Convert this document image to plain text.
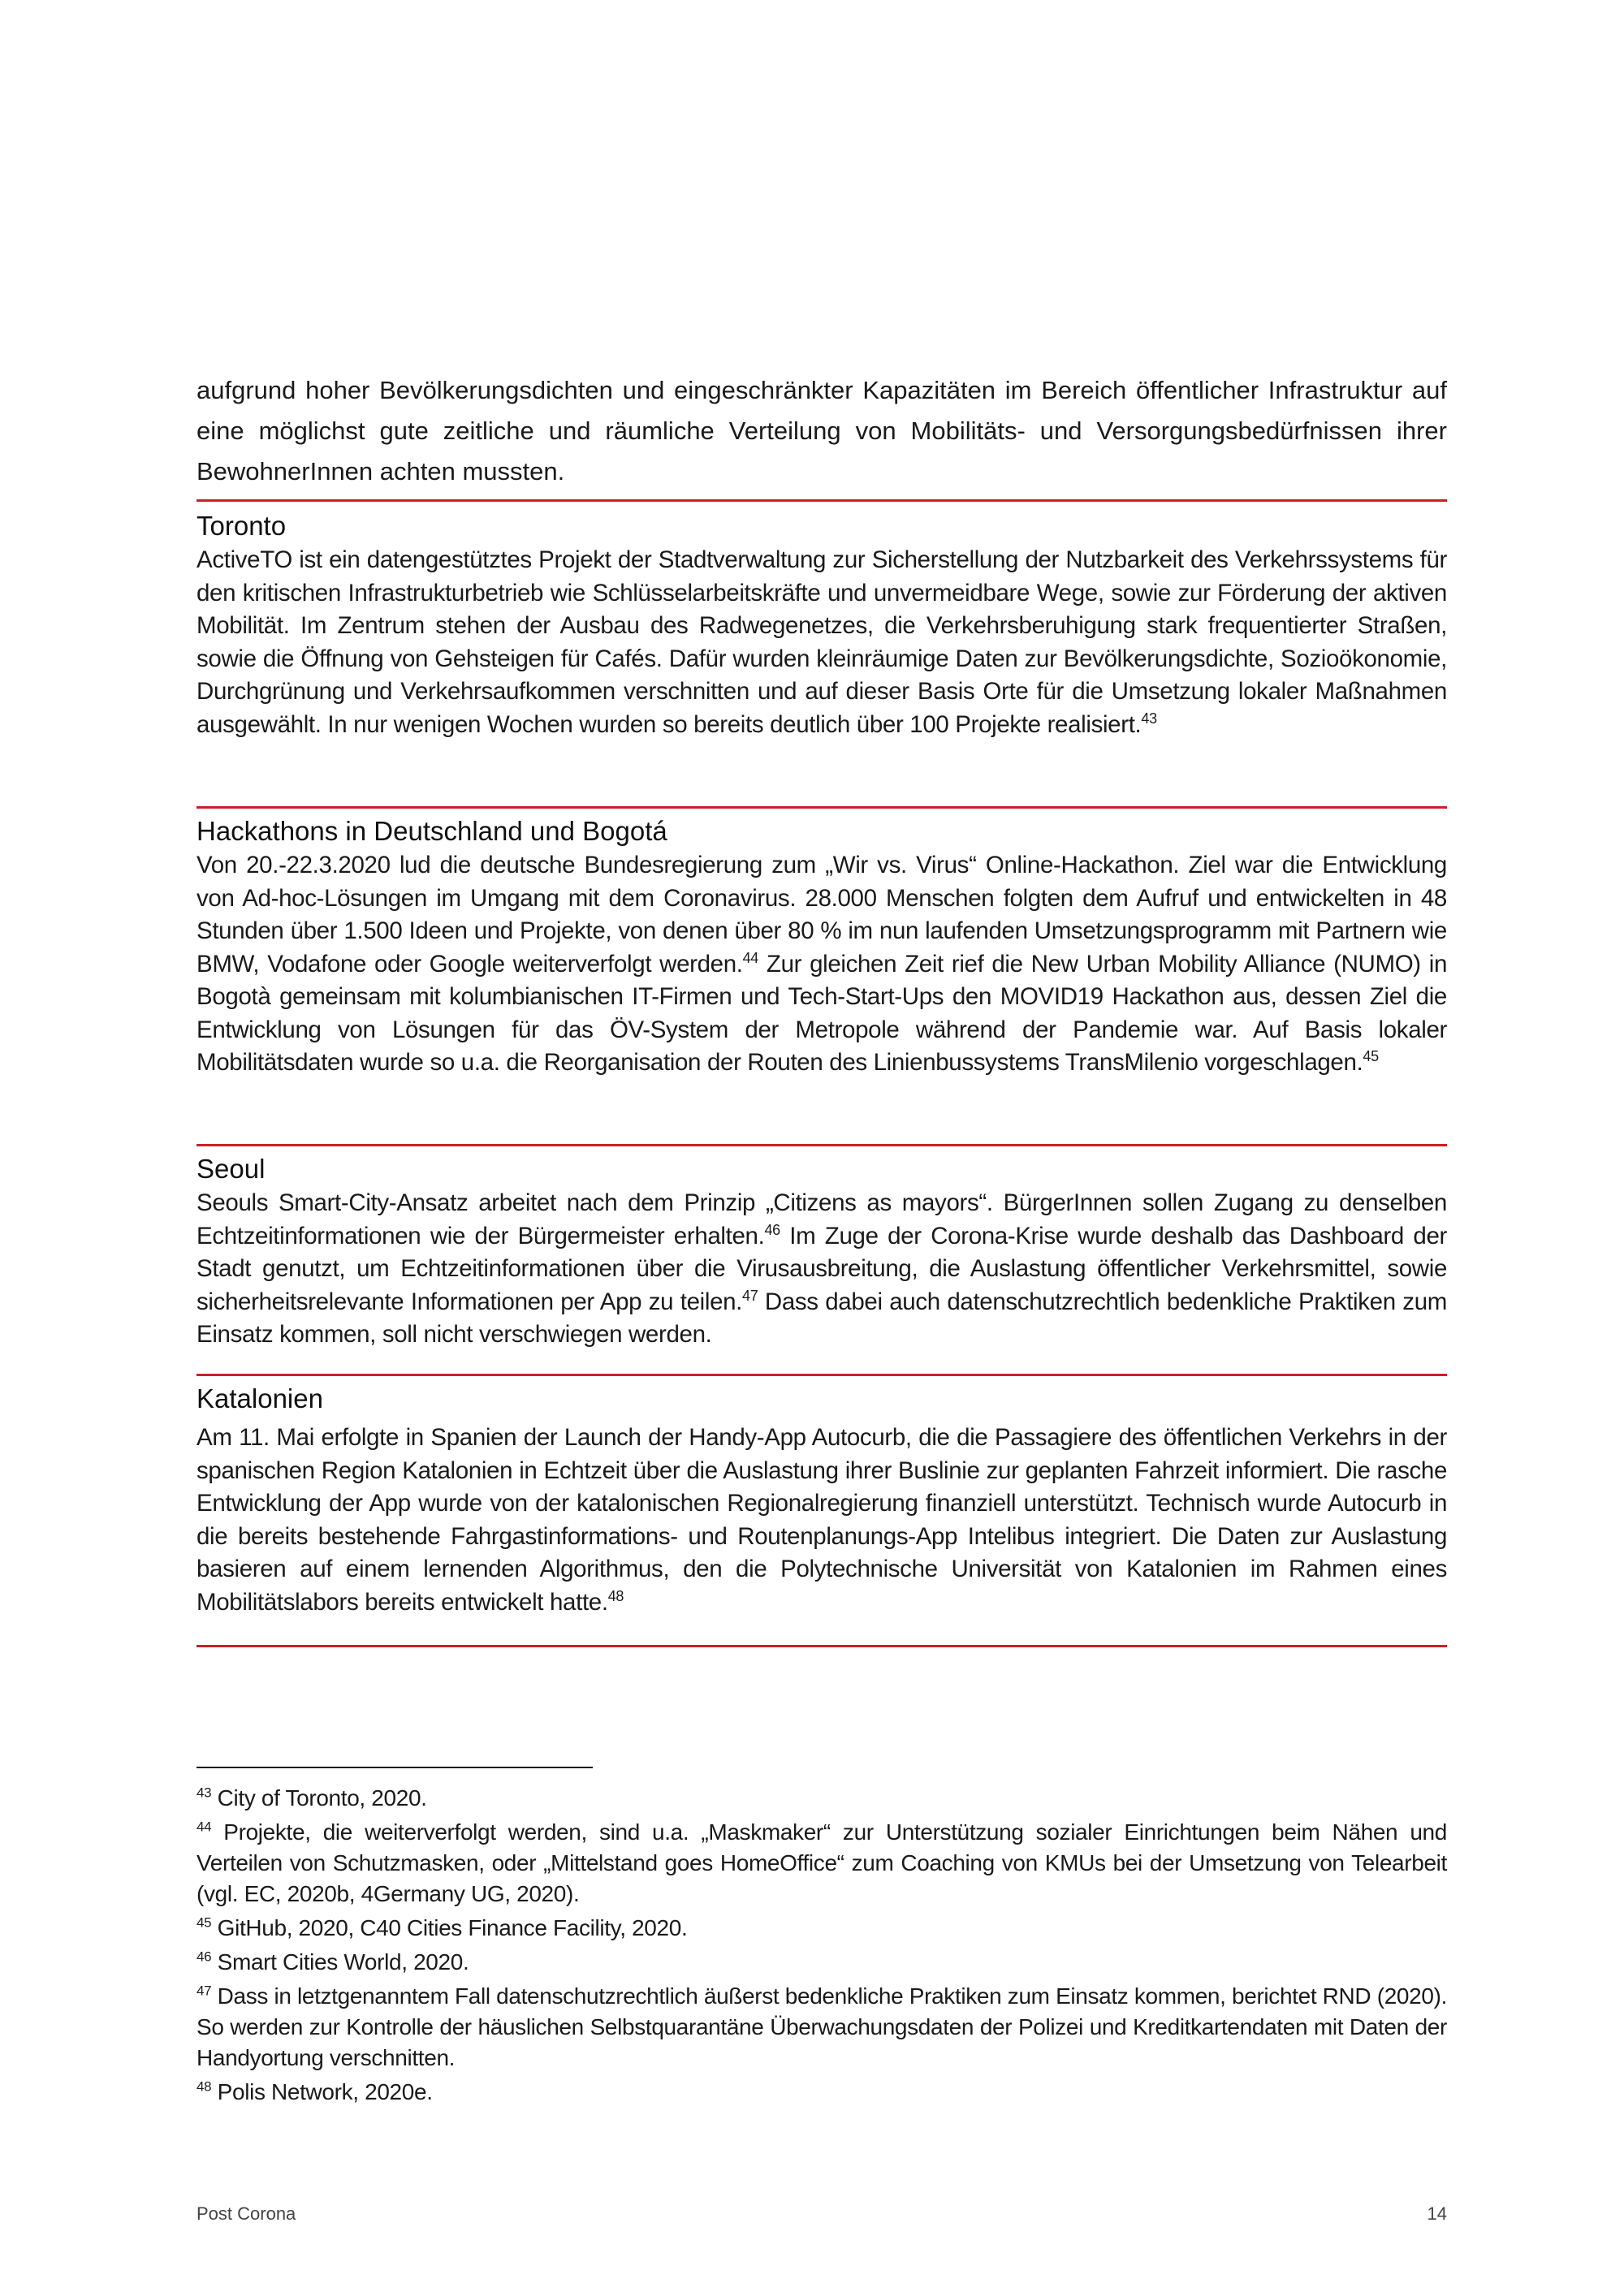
aufgrund hoher Bevölkerungsdichten und eingeschränkter Kapazitäten im Bereich öffentlicher Infrastruktur auf eine möglichst gute zeitliche und räumliche Verteilung von Mobilitäts- und Versorgungsbedürfnissen ihrer BewohnerInnen achten mussten.

Toronto

ActiveTO ist ein datengestütztes Projekt der Stadtverwaltung zur Sicherstellung der Nutzbarkeit des Verkehrssystems für den kritischen Infrastrukturbetrieb wie Schlüsselarbeitskräfte und unvermeidbare Wege, sowie zur Förderung der aktiven Mobilität. Im Zentrum stehen der Ausbau des Radwegenetzes, die Verkehrsberuhigung stark frequentierter Straßen, sowie die Öffnung von Gehsteigen für Cafés. Dafür wurden kleinräumige Daten zur Bevölkerungsdichte, Sozioökonomie, Durchgrünung und Verkehrsaufkommen verschnitten und auf dieser Basis Orte für die Umsetzung lokaler Maßnahmen ausgewählt. In nur wenigen Wochen wurden so bereits deutlich über 100 Projekte realisiert.$^{43}$

Hackathons in Deutschland und Bogotá

Von 20.-22.3.2020 lud die deutsche Bundesregierung zum „Wir vs. Virus“ Online-Hackathon. Ziel war die Entwicklung von Ad-hoc-Lösungen im Umgang mit dem Coronavirus. 28.000 Menschen folgten dem Aufruf und entwickelten in 48 Stunden über 1.500 Ideen und Projekte, von denen über 80 % im nun laufenden Umsetzungsprogramm mit Partnern wie BMW, Vodafone oder Google weiterverfolgt werden.$^{44}$ Zur gleichen Zeit rief die New Urban Mobility Alliance (NUMO) in Bogotà gemeinsam mit kolumbianischen IT-Firmen und Tech-Start-Ups den MOVID19 Hackathon aus, dessen Ziel die Entwicklung von Lösungen für das ÖV-System der Metropole während der Pandemie war. Auf Basis lokaler Mobilitätsdaten wurde so u.a. die Reorganisation der Routen des Linienbussystems TransMilenio vorgeschlagen.$^{45}$

Seoul

Seouls Smart-City-Ansatz arbeitet nach dem Prinzip „Citizens as mayors“. BürgerInnen sollen Zugang zu denselben Echtzeitinformationen wie der Bürgermeister erhalten.$^{46}$ Im Zuge der Corona-Krise wurde deshalb das Dashboard der Stadt genutzt, um Echtzeitinformationen über die Virusausbreitung, die Auslastung öffentlicher Verkehrsmittel, sowie sicherheitsrelevante Informationen per App zu teilen.$^{47}$ Dass dabei auch datenschutzrechtlich bedenkliche Praktiken zum Einsatz kommen, soll nicht verschwiegen werden.

Katalonien

Am 11. Mai erfolgte in Spanien der Launch der Handy-App Autocurb, die die Passagiere des öffentlichen Verkehrs in der spanischen Region Katalonien in Echtzeit über die Auslastung ihrer Buslinie zur geplanten Fahrzeit informiert. Die rasche Entwicklung der App wurde von der katalonischen Regionalregierung finanziell unterstützt. Technisch wurde Autocurb in die bereits bestehende Fahrgastinformations- und Routenplanungs-App Intelibus integriert. Die Daten zur Auslastung basieren auf einem lernenden Algorithmus, den die Polytechnische Universität von Katalonien im Rahmen eines Mobilitätslabors bereits entwickelt hatte.$^{48}$

$^{43}$ City of Toronto, 2020.

$^{44}$ Projekte, die weiterverfolgt werden, sind u.a. „Maskmaker“ zur Unterstützung sozialer Einrichtungen beim Nähen und Verteilen von Schutzmasken, oder „Mittelstand goes HomeOffice“ zum Coaching von KMUs bei der Umsetzung von Telearbeit (vgl. EC, 2020b, 4Germany UG, 2020).

$^{45}$ GitHub, 2020, C40 Cities Finance Facility, 2020.

$^{46}$ Smart Cities World, 2020.

$^{47}$ Dass in letztgenanntem Fall datenschutzrechtlich äußerst bedenkliche Praktiken zum Einsatz kommen, berichtet RND (2020). So werden zur Kontrolle der häuslichen Selbstquarantäne Überwachungsdaten der Polizei und Kreditkartendaten mit Daten der Handyortung verschnitten.

$^{48}$ Polis Network, 2020e.

Post Corona	14
